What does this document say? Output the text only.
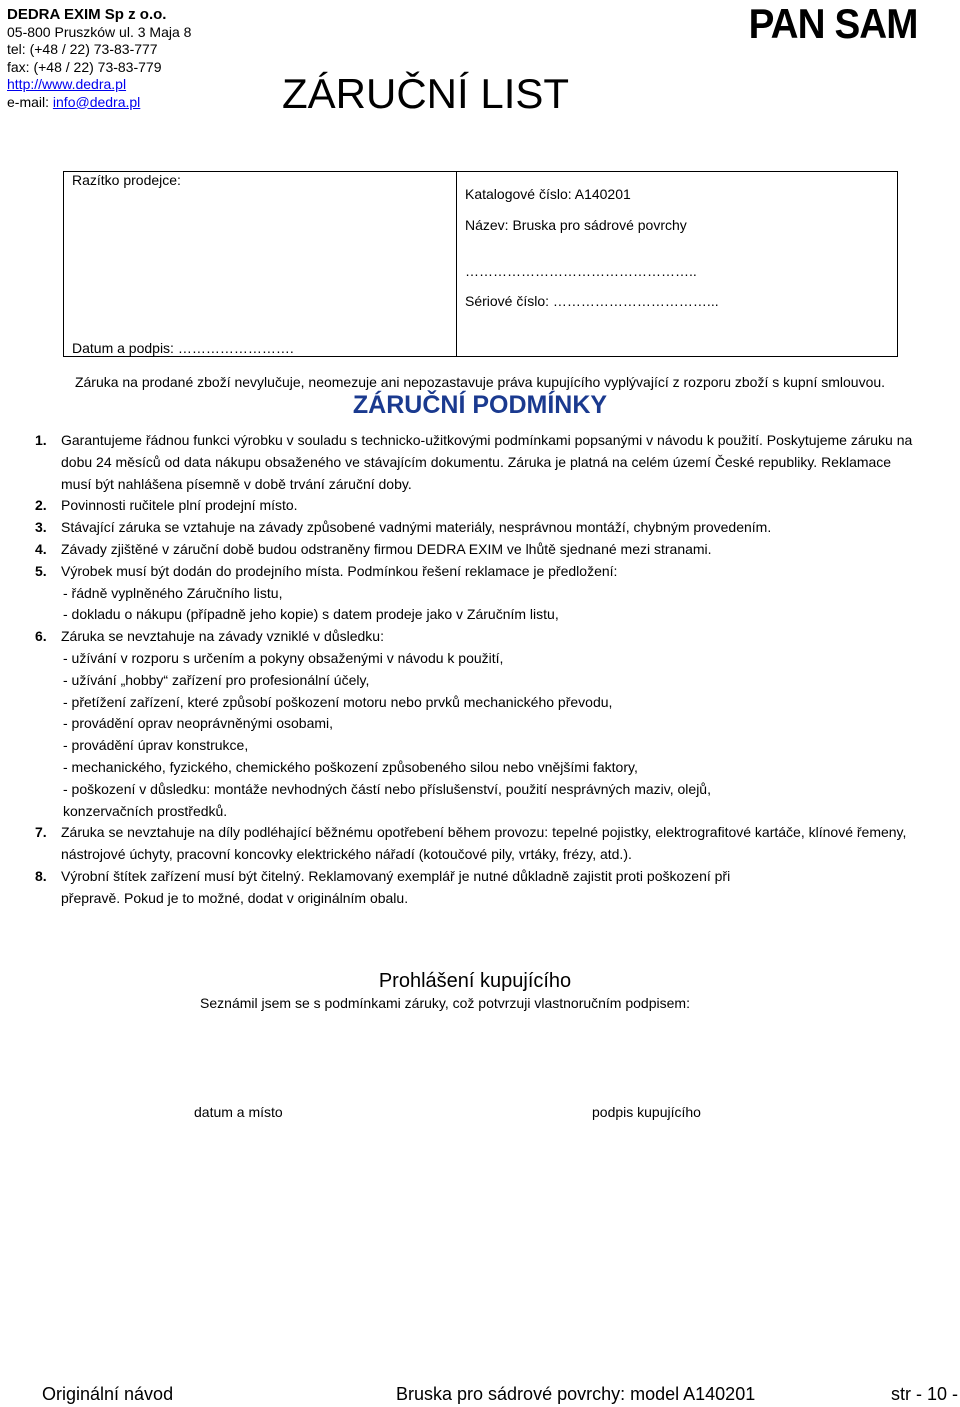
DEDRA EXIM Sp z o.o.
05-800 Pruszków ul. 3 Maja 8
tel: (+48 / 22) 73-83-777
fax: (+48 / 22) 73-83-779
http://www.dedra.pl
e-mail: info@dedra.pl
PAN SAM
ZÁRUČNÍ LIST
Razítko prodejce:
Katalogové číslo: A140201
Název: Bruska pro sádrové povrchy
…………………………………………..
Sériové číslo: ……………………………...
Datum a podpis: …………………….
Záruka na prodané zboží nevylučuje, neomezuje ani nepozastavuje práva kupujícího vyplývající z rozporu zboží s kupní smlouvou.
ZÁRUČNÍ PODMÍNKY
1.	Garantujeme řádnou funkci výrobku v souladu s technicko-užitkovými podmínkami popsanými v návodu k použití. Poskytujeme záruku na dobu 24 měsíců od data nákupu obsaženého ve stávajícím dokumentu. Záruka je platná na celém území České republiky. Reklamace musí být nahlášena písemně v době trvání záruční doby.
2.	Povinnosti ručitele plní prodejní místo.
3.	Stávající záruka se vztahuje na závady způsobené vadnými materiály, nesprávnou montáží, chybným provedením.
4.	Závady zjištěné v záruční době budou odstraněny firmou DEDRA EXIM ve lhůtě sjednané mezi stranami.
5.	Výrobek musí být dodán do prodejního místa. Podmínkou řešení reklamace je předložení:
- řádně vyplněného Záručního listu,
- dokladu o nákupu (případně jeho kopie) s datem prodeje jako v Záručním listu,
6.	Záruka se nevztahuje na závady vzniklé v důsledku:
- užívání v rozporu s určením a pokyny obsaženými v návodu k použití,
- užívání „hobby“ zařízení pro profesionální účely,
- přetížení zařízení, které způsobí poškození motoru nebo prvků mechanického převodu,
- provádění oprav neoprávněnými osobami,
- provádění úprav konstrukce,
- mechanického, fyzického, chemického poškození způsobeného silou nebo vnějšími faktory,
- poškození v důsledku: montáže nevhodných částí nebo příslušenství, použití nesprávných maziv, olejů, konzervačních prostředků.
7.	Záruka se nevztahuje na díly podléhající běžnému opotřebení během provozu: tepelné pojistky, elektrografitové kartáče, klínové řemeny, nástrojové úchyty, pracovní koncovky elektrického nářadí (kotoučové pily, vrtáky, frézy, atd.).
8.	Výrobní štítek zařízení musí být čitelný. Reklamovaný exemplář je nutné důkladně zajistit proti poškození při přepravě. Pokud je to možné, dodat v originálním obalu.
Prohlášení kupujícího
Seznámil jsem se s podmínkami záruky, což potvrzuji vlastnoručním podpisem:
datum a místo	podpis kupujícího
Originální návod	Bruska pro sádrové povrchy: model A140201	str - 10 -
